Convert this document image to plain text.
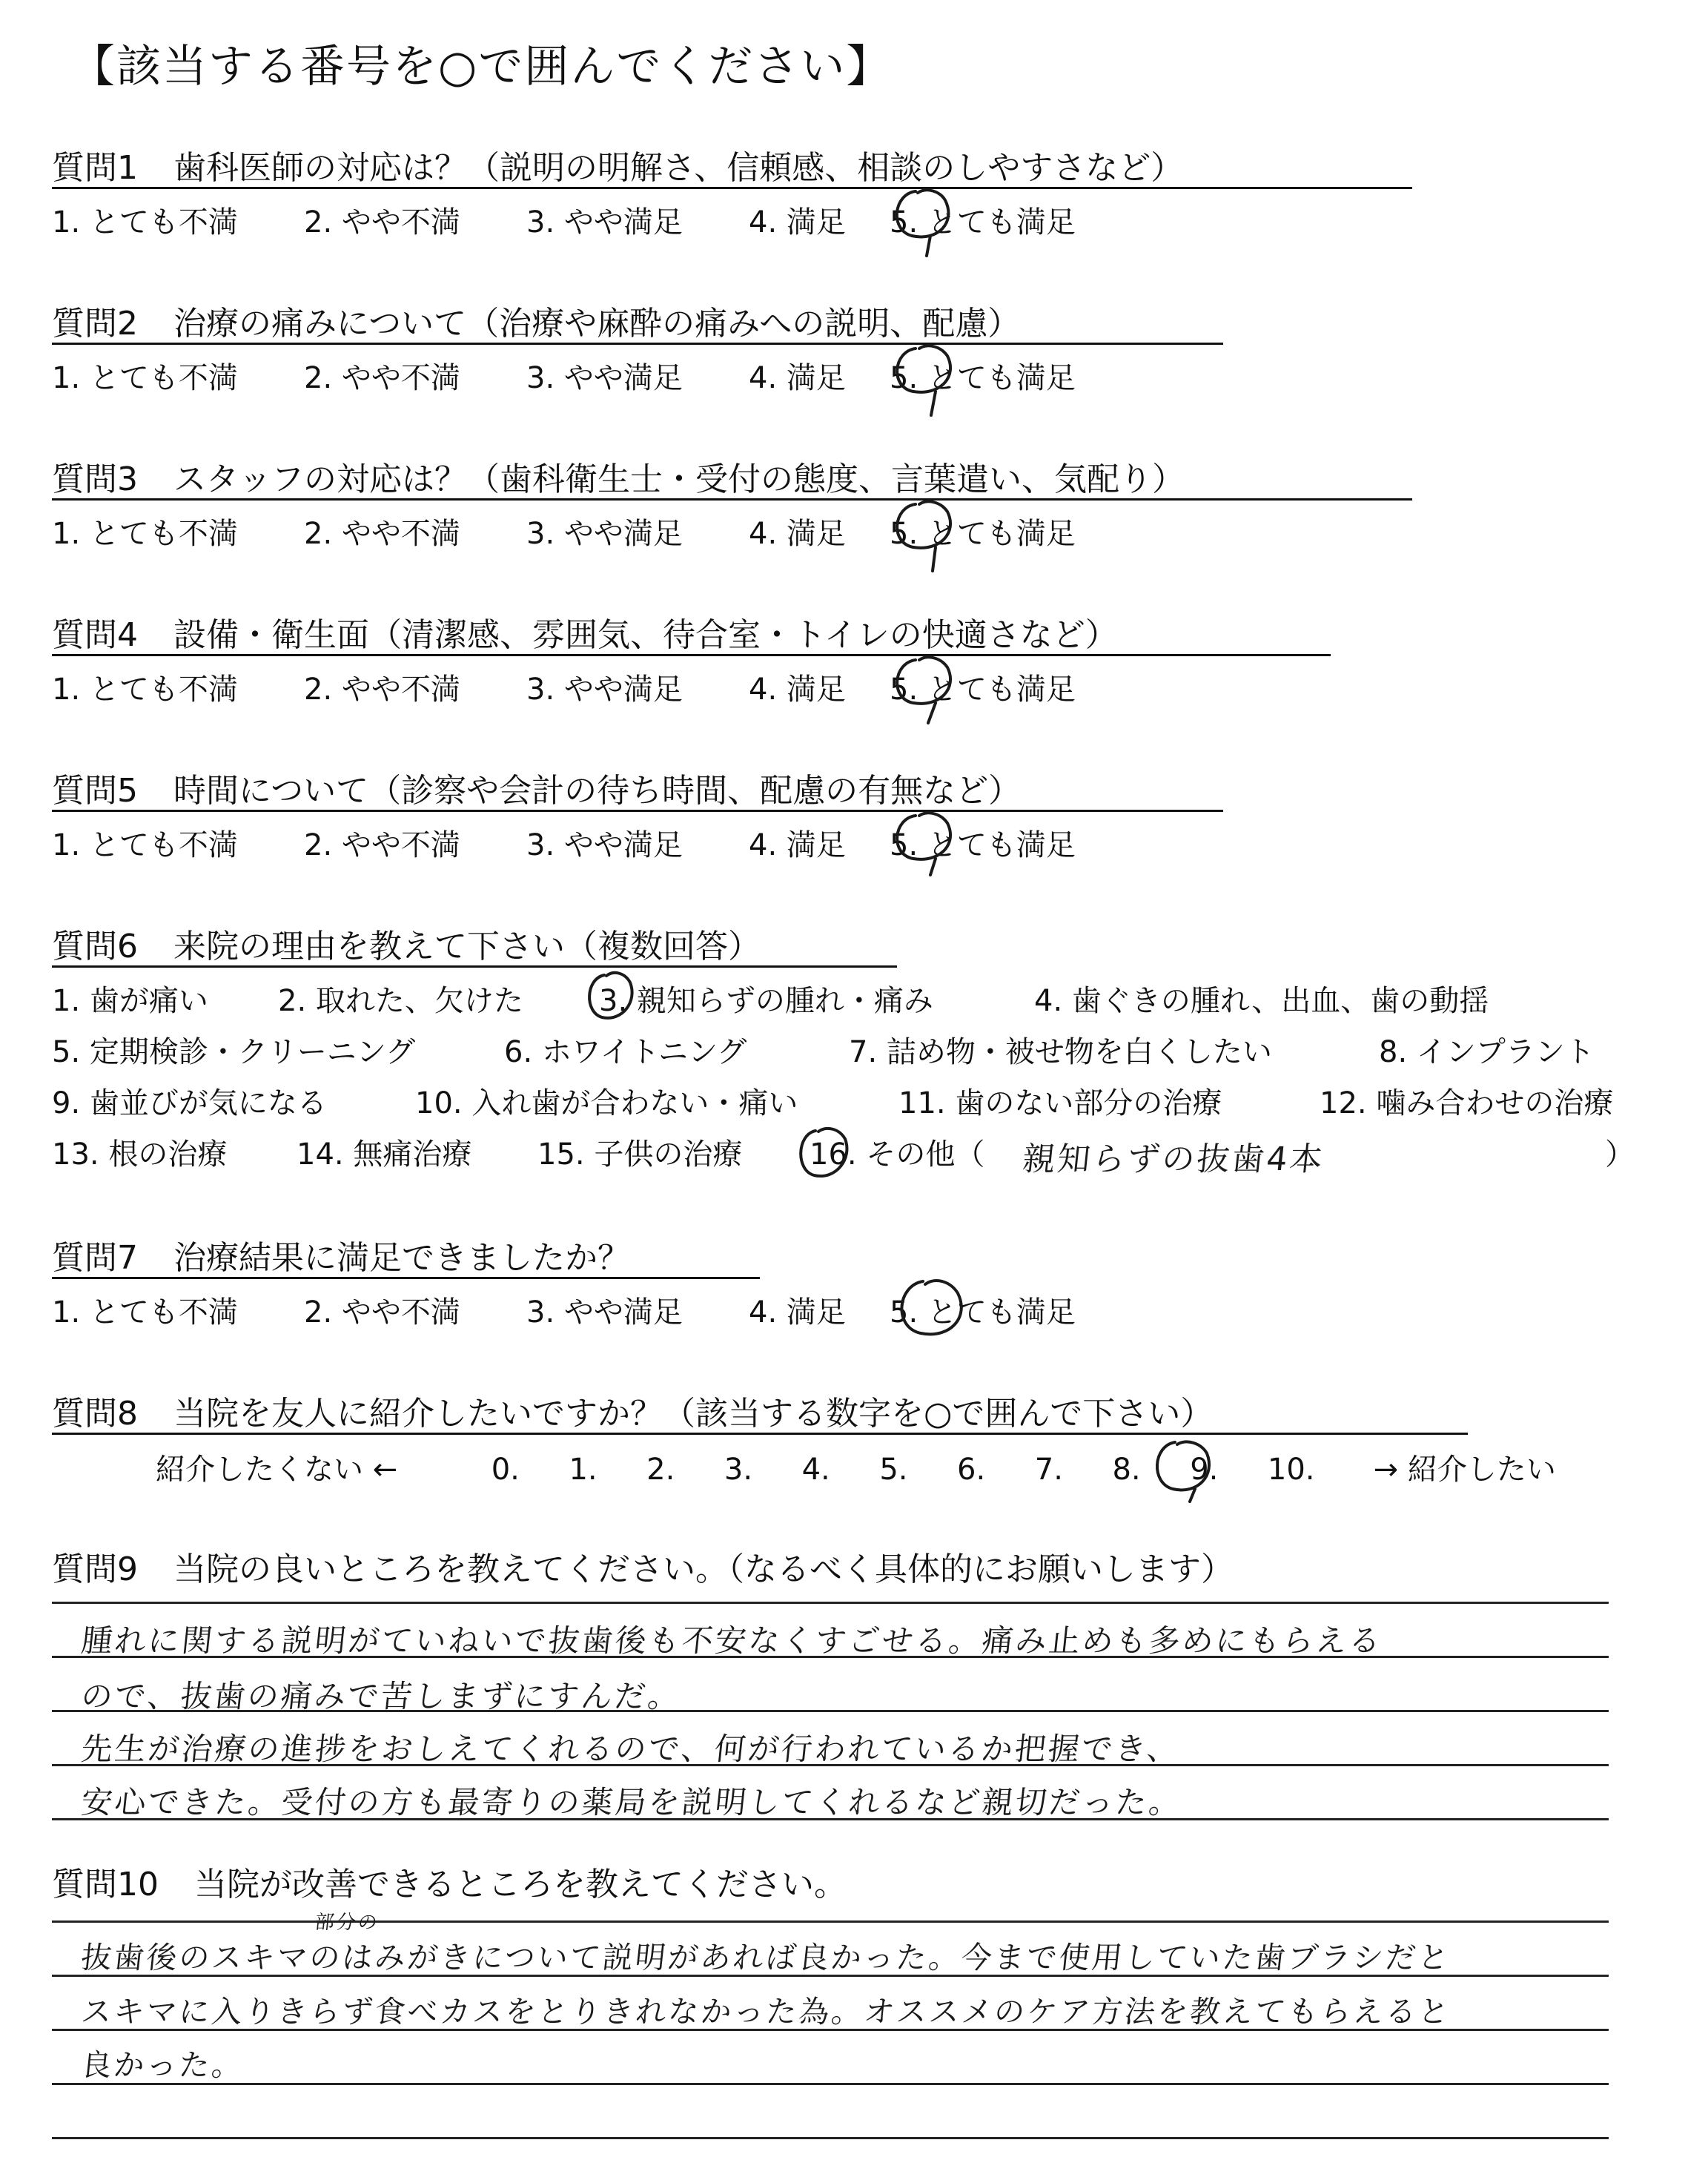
【該当する番号を○で囲んでください】
質問1 歯科医師の対応は？（説明の明解さ、信頼感、相談のしやすさなど）
1. とても不満 2. やや不満 3. やや満足 4. 満足 5. とても満足
質問2 治療の痛みについて（治療や麻酔の痛みへの説明、配慮）
1. とても不満 2. やや不満 3. やや満足 4. 満足 5. とても満足
質問3 スタッフの対応は？（歯科衛生士・受付の態度、言葉遣い、気配り）
1. とても不満 2. やや不満 3. やや満足 4. 満足 5. とても満足
質問4 設備・衛生面（清潔感、雰囲気、待合室・トイレの快適さなど）
1. とても不満 2. やや不満 3. やや満足 4. 満足 5. とても満足
質問5 時間について（診察や会計の待ち時間、配慮の有無など）
1. とても不満 2. やや不満 3. やや満足 4. 満足 5. とても満足
質問6 来院の理由を教えて下さい（複数回答）
1. 歯が痛い 2. 取れた、欠けた	3. 親知らずの腫れ・痛み	4. 歯ぐきの腫れ、出血、歯の動揺
5. 定期検診・クリーニング	6. ホワイトニング	7. 詰め物・被せ物を白くしたい	8. インプラント
9. 歯並びが気になる	10. 入れ歯が合わない・痛い	11. 歯のない部分の治療	12. 噛み合わせの治療
13. 根の治療 14. 無痛治療 15. 子供の治療 16. その他（ 親知らずの抜歯4本	）
質問7 治療結果に満足できましたか？
1. とても不満 2. やや不満 3. やや満足 4. 満足 5. とても満足
質問8 当院を友人に紹介したいですか？（該当する数字を○で囲んで下さい）
紹介したくない ←	0. 1. 2. 3. 4. 5. 6. 7. 8. 9. 10. → 紹介したい
質問9 当院の良いところを教えてください。（なるべく具体的にお願いします）
腫れに関する説明がていねいで抜歯後も不安なくすごせる。痛み止めも多めにもらえる
ので、抜歯の痛みで苦しまずにすんだ。
先生が治療の進捗をおしえてくれるので、何が行われているか把握でき、
安心できた。受付の方も最寄りの薬局を説明してくれるなど親切だった。
質問10 当院が改善できるところを教えてください。
部分の
抜歯後のスキマのはみがきについて説明があれば良かった。今まで使用していた歯ブラシだと
スキマに入りきらず食べカスをとりきれなかった為。オススメのケア方法を教えてもらえると
良かった。
